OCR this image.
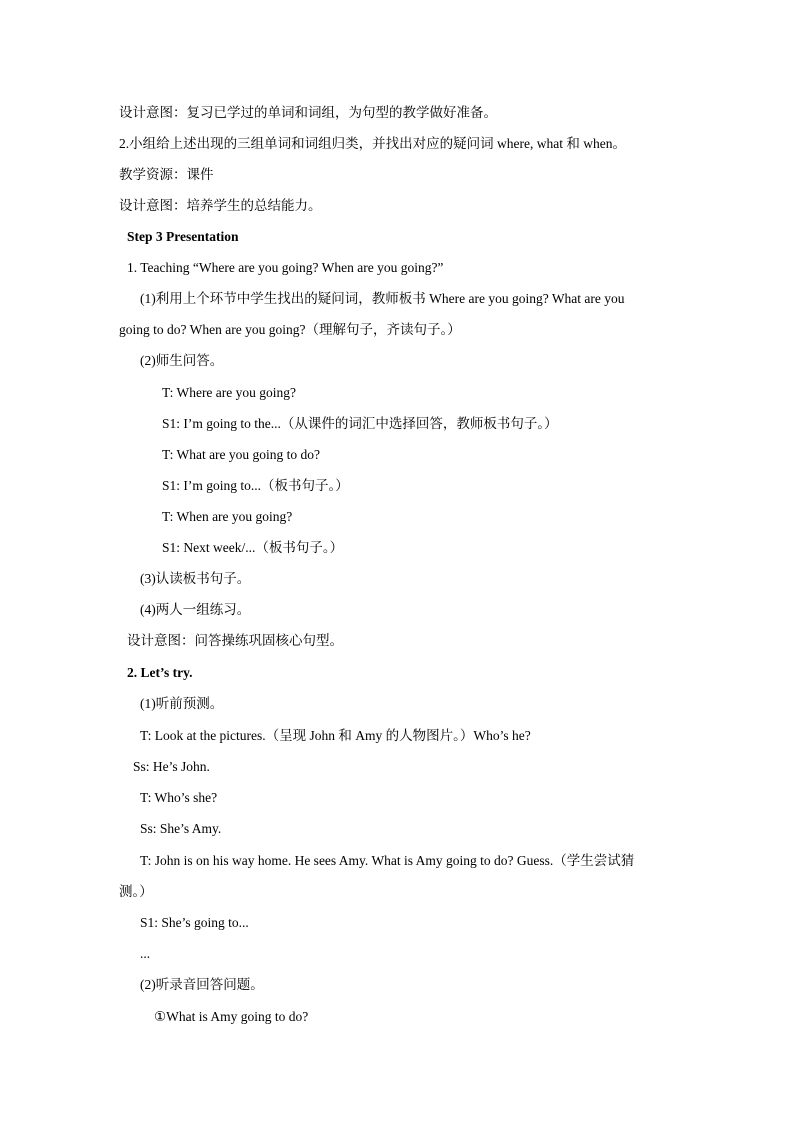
设计意图：复习已学过的单词和词组，为句型的教学做好准备。
2.小组给上述出现的三组单词和词组归类，并找出对应的疑问词 where, what 和 when。
教学资源：课件
设计意图：培养学生的总结能力。
Step 3 Presentation
1. Teaching “Where are you going? When are you going?”
(1)利用上个环节中学生找出的疑问词，教师板书 Where are you going? What are you
going to do? When are you going?（理解句子，齐读句子。）
(2)师生问答。
T: Where are you going?
S1: I’m going to the...（从课件的词汇中选择回答，教师板书句子。）
T: What are you going to do?
S1: I’m going to...（板书句子。）
T: When are you going?
S1: Next week/...（板书句子。）
(3)认读板书句子。
(4)两人一组练习。
设计意图：问答操练巩固核心句型。
2. Let’s try.
(1)听前预测。
T: Look at the pictures.（呈现 John 和 Amy 的人物图片。）Who’s he?
Ss: He’s John.
T: Who’s she?
Ss: She’s Amy.
T: John is on his way home. He sees Amy. What is Amy going to do? Guess.（学生尝试猜
测。）
S1: She’s going to...
...
(2)听录音回答问题。
①What is Amy going to do?
